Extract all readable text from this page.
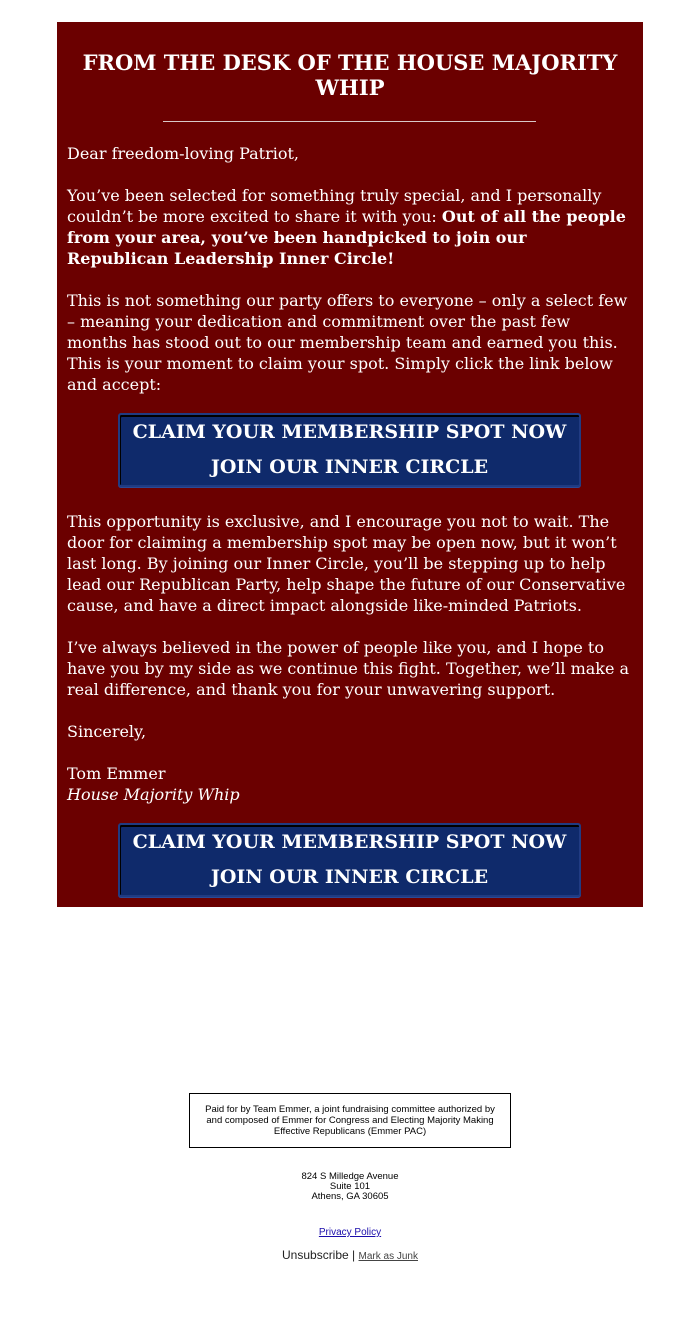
FROM THE DESK OF THE HOUSE MAJORITY WHIP

Dear freedom-loving Patriot,

You’ve been selected for something truly special, and I personally couldn’t be more excited to share it with you: Out of all the people from your area, you’ve been handpicked to join our Republican Leadership Inner Circle!

This is not something our party offers to everyone – only a select few – meaning your dedication and commitment over the past few months has stood out to our membership team and earned you this. This is your moment to claim your spot. Simply click the link below and accept:

CLAIM YOUR MEMBERSHIP SPOT NOW
JOIN OUR INNER CIRCLE

This opportunity is exclusive, and I encourage you not to wait. The door for claiming a membership spot may be open now, but it won’t last long. By joining our Inner Circle, you’ll be stepping up to help lead our Republican Party, help shape the future of our Conservative cause, and have a direct impact alongside like-minded Patriots.

I’ve always believed in the power of people like you, and I hope to have you by my side as we continue this fight. Together, we’ll make a real difference, and thank you for your unwavering support.

Sincerely,

Tom Emmer
House Majority Whip

CLAIM YOUR MEMBERSHIP SPOT NOW
JOIN OUR INNER CIRCLE
Paid for by Team Emmer, a joint fundraising committee authorized by and composed of Emmer for Congress and Electing Majority Making Effective Republicans (Emmer PAC)
824 S Milledge Avenue
Suite 101
Athens, GA 30605
Privacy Policy
Unsubscribe | Mark as Junk
